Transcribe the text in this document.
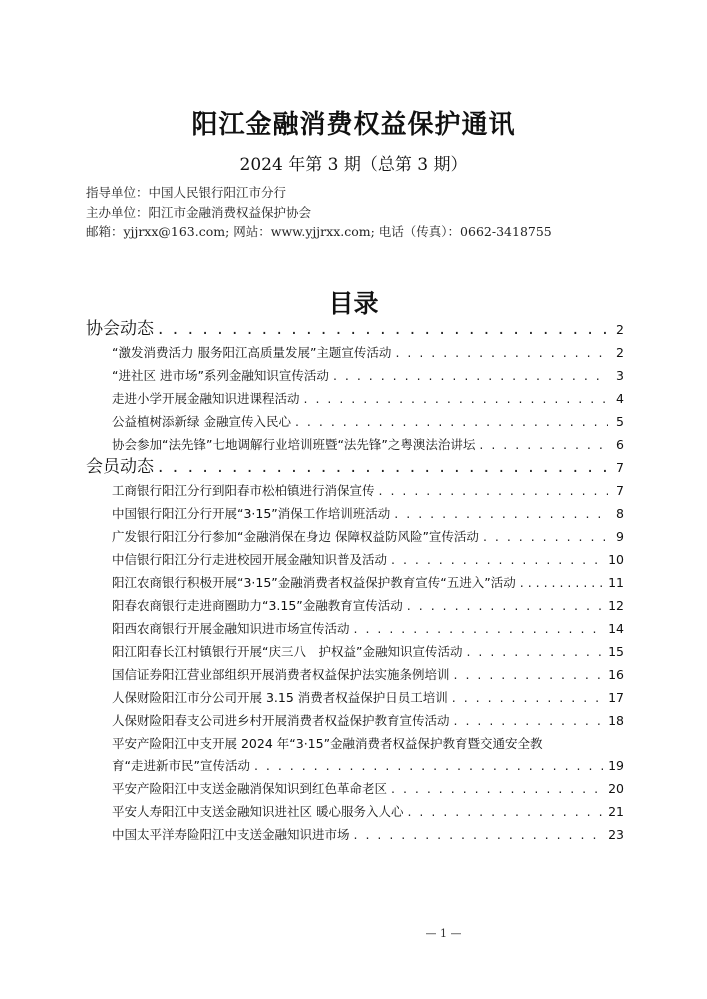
阳江金融消费权益保护通讯
2024 年第 3 期（总第 3 期）
指导单位：中国人民银行阳江市分行
主办单位：阳江市金融消费权益保护协会
邮箱：yjjrxx@163.com; 网站：www.yjjrxx.com; 电话（传真）：0662-3418755
目录
协会动态 . . .	2
“激发消费活力 服务阳江高质量发展”主题宣传活动 . . .	2
“进社区 进市场”系列金融知识宣传活动 . . .	3
走进小学开展金融知识进课程活动 . . .	4
公益植树添新绿 金融宣传入民心 . . .	5
协会参加“法先锋”七地调解行业培训班暨“法先锋”之粤澳法治讲坛 . . .	6
会员动态 . . .	7
工商银行阳江分行到阳春市松柏镇进行消保宣传 . . .	7
中国银行阳江分行开展“3·15”消保工作培训班活动 . . .	8
广发银行阳江分行参加“金融消保在身边 保障权益防风险”宣传活动 . . .	9
中信银行阳江分行走进校园开展金融知识普及活动 . . .	10
阳江农商银行积极开展“3·15”金融消费者权益保护教育宣传“五进入”活动 . . .	11
阳春农商银行走进商圈助力“3.15”金融教育宣传活动 . . .	12
阳西农商银行开展金融知识进市场宣传活动 . . .	14
阳江阳春长江村镇银行开展“庆三八　护权益”金融知识宣传活动 . . .	15
国信证券阳江营业部组织开展消费者权益保护法实施条例培训 . . .	16
人保财险阳江市分公司开展 3.15 消费者权益保护日员工培训 . . .	17
人保财险阳春支公司进乡村开展消费者权益保护教育宣传活动 . . .	18
平安产险阳江中支开展 2024 年“3·15”金融消费者权益保护教育暨交通安全教
育“走进新市民”宣传活动 . . .	19
平安产险阳江中支送金融消保知识到红色革命老区 . . .	20
平安人寿阳江中支送金融知识进社区 暖心服务入人心 . . .	21
中国太平洋寿险阳江中支送金融知识进市场 . . .	23
— 1 —
